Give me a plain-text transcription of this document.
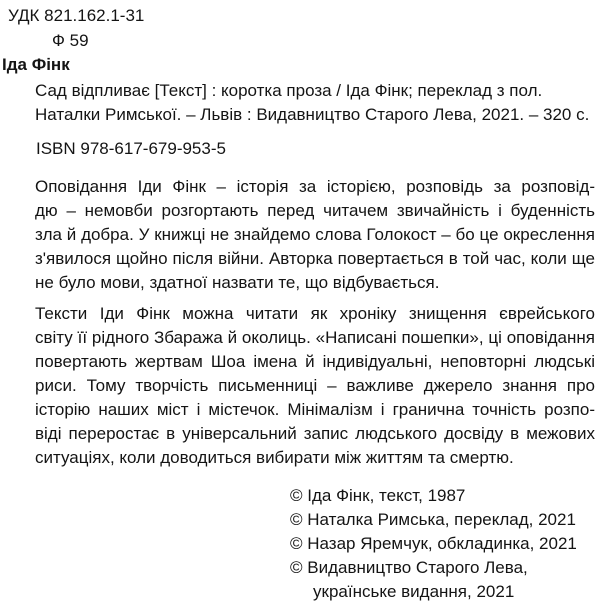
УДК 821.162.1-31
Ф 59
Іда Фінк
Сад відпливає [Текст] : коротка проза / Іда Фінк; переклад з пол.
Наталки Римської. – Львів : Видавництво Старого Лева, 2021. – 320 с.
ISBN 978-617-679-953-5
Оповідання Іди Фінк – історія за історією, розповідь за розповід-
дю – немовби розгортають перед читачем звичайність і буденність
зла й добра. У книжці не знайдемо слова Голокост – бо це окреслення
з'явилося щойно після війни. Авторка повертається в той час, коли ще
не було мови, здатної назвати те, що відбувається.
Тексти Іди Фінк можна читати як хроніку знищення єврейського
світу її рідного Збаража й околиць. «Написані пошепки», ці оповідання
повертають жертвам Шоа імена й індивідуальні, неповторні людські
риси. Тому творчість письменниці – важливе джерело знання про
історію наших міст і містечок. Мінімалізм і гранична точність розпо-
віді переростає в універсальний запис людського досвіду в межових
ситуаціях, коли доводиться вибирати між життям та смертю.
© Іда Фінк, текст, 1987
© Наталка Римська, переклад, 2021
© Назар Яремчук, обкладинка, 2021
© Видавництво Старого Лева,
українське видання, 2021
